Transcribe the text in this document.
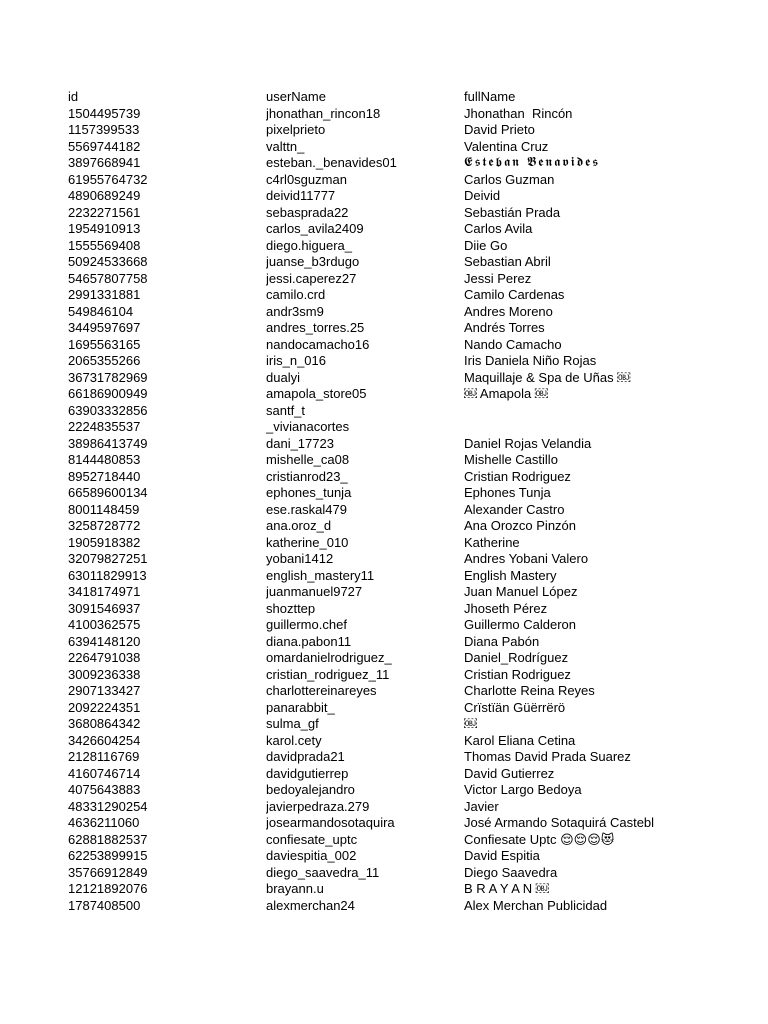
id	userName	fullName
1504495739	jhonathan_rincon18	Jhonathan  Rincón
1157399533	pixelprieto	David Prieto
5569744182	valttn_	Valentina Cruz
3897668941	esteban._benavides01	𝕰𝖘𝖙𝖊𝖇𝖆𝖓 𝕭𝖊𝖓𝖆𝖛𝖎𝖉𝖊𝖘 ￼
61955764732	c4rl0sguzman	Carlos Guzman
4890689249	deivid11777	Deivid
2232271561	sebasprada22	Sebastián Prada
1954910913	carlos_avila2409	Carlos Avila
1555569408	diego.higuera_	Diie Go
50924533668	juanse_b3rdugo	Sebastian Abril
54657807758	jessi.caperez27	Jessi Perez
2991331881	camilo.crd	Camilo Cardenas
549846104	andr3sm9	Andres Moreno
3449597697	andres_torres.25	Andrés Torres
1695563165	nandocamacho16	Nando Camacho
2065355266	iris_n_016	Iris Daniela Niño Rojas
36731782969	dualyi	Maquillaje & Spa de Uñas ￼
66186900949	amapola_store05	￼ Amapola ￼
63903332856	santf_t	
2224835537	_vivianacortes	
38986413749	dani_17723	Daniel Rojas Velandia
8144480853	mishelle_ca08	Mishelle Castillo
8952718440	cristianrod23_	Cristian Rodriguez
66589600134	ephones_tunja	Ephones Tunja
8001148459	ese.raskal479	Alexander Castro
3258728772	ana.oroz_d	Ana Orozco Pinzón
1905918382	katherine_010	Katherine
32079827251	yobani1412	Andres Yobani Valero
63011829913	english_mastery11	English Mastery
3418174971	juanmanuel9727	Juan Manuel López
3091546937	shozttep	Jhoseth Pérez
4100362575	guillermo.chef	Guillermo Calderon
6394148120	diana.pabon11	Diana Pabón
2264791038	omardanielrodriguez_	Daniel_Rodríguez
3009236338	cristian_rodriguez_11	Cristian Rodriguez
2907133427	charlottereinareyes	Charlotte Reina Reyes
2092224351	panarabbit_	Crïstïän Güërrërö
3680864342	sulma_gf	￼
3426604254	karol.cety	Karol Eliana Cetina
2128116769	davidprada21	Thomas David Prada Suarez
4160746714	davidgutierrep	David Gutierrez
4075643883	bedoyalejandro	Victor Largo Bedoya
48331290254	javierpedraza.279	Javier
4636211060	josearmandosotaquira	José Armando Sotaquirá Castebl
62881882537	confiesate_uptc	Confiesate Uptc 😌😌😌😻
62253899915	daviespitia_002	David Espitia
35766912849	diego_saavedra_11	Diego Saavedra
12121892076	brayann.u	B R A Y A N ￼
1787408500	alexmerchan24	Alex Merchan Publicidad
